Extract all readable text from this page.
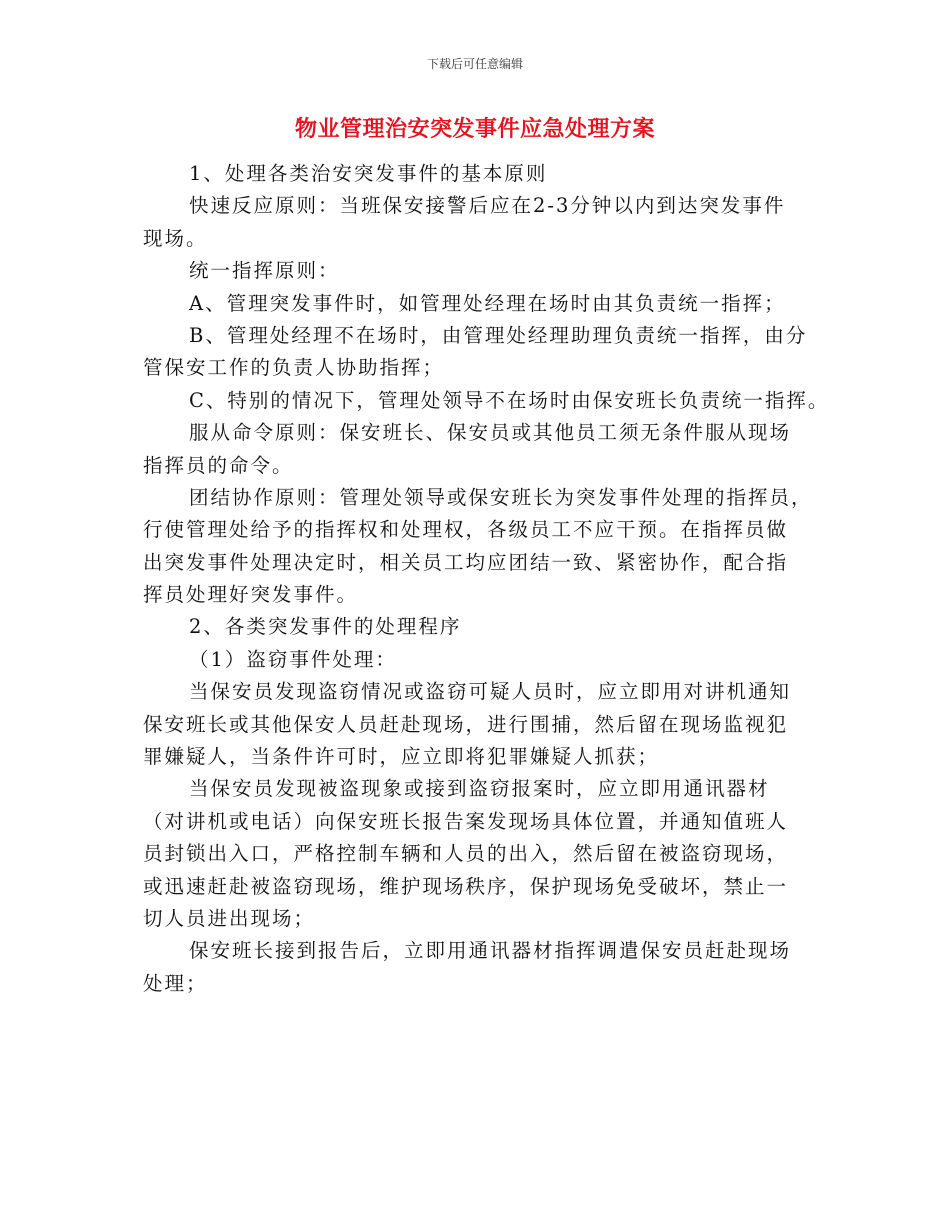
下载后可任意编辑
物业管理治安突发事件应急处理方案
1、处理各类治安突发事件的基本原则
快速反应原则：当班保安接警后应在2-3分钟以内到达突发事件
现场。
统一指挥原则：
A、管理突发事件时，如管理处经理在场时由其负责统一指挥；
B、管理处经理不在场时，由管理处经理助理负责统一指挥，由分
管保安工作的负责人协助指挥；
C、特别的情况下，管理处领导不在场时由保安班长负责统一指挥。
服从命令原则：保安班长、保安员或其他员工须无条件服从现场
指挥员的命令。
团结协作原则：管理处领导或保安班长为突发事件处理的指挥员，
行使管理处给予的指挥权和处理权，各级员工不应干预。在指挥员做
出突发事件处理决定时，相关员工均应团结一致、紧密协作，配合指
挥员处理好突发事件。
2、各类突发事件的处理程序
（1）盗窃事件处理：
当保安员发现盗窃情况或盗窃可疑人员时，应立即用对讲机通知
保安班长或其他保安人员赶赴现场，进行围捕，然后留在现场监视犯
罪嫌疑人，当条件许可时，应立即将犯罪嫌疑人抓获；
当保安员发现被盗现象或接到盗窃报案时，应立即用通讯器材
（对讲机或电话）向保安班长报告案发现场具体位置，并通知值班人
员封锁出入口，严格控制车辆和人员的出入，然后留在被盗窃现场，
或迅速赶赴被盗窃现场，维护现场秩序，保护现场免受破坏，禁止一
切人员进出现场；
保安班长接到报告后，立即用通讯器材指挥调遣保安员赶赴现场
处理；
